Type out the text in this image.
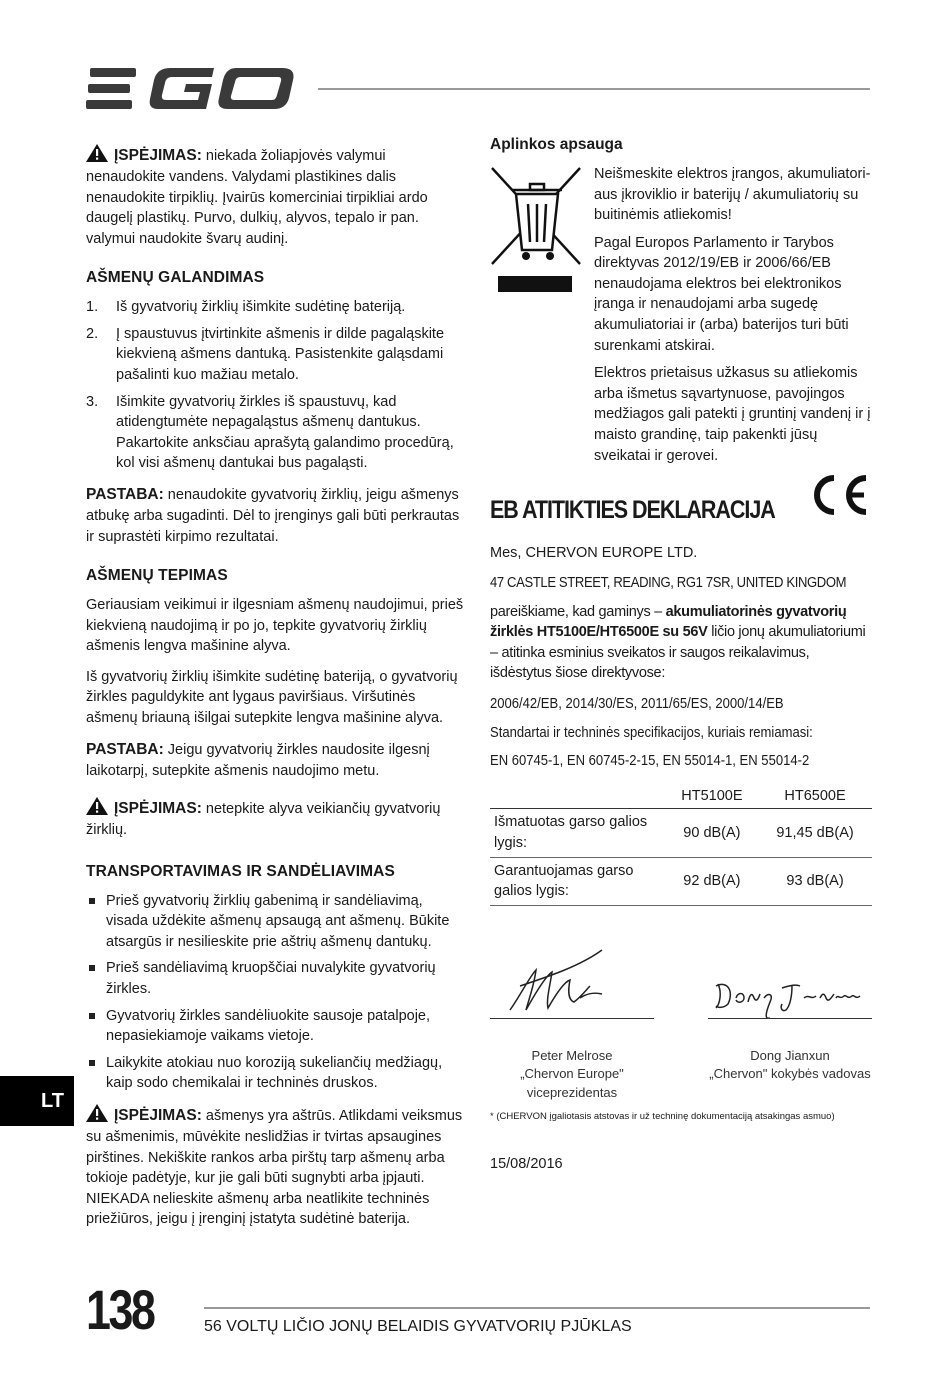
EGO

ĮSPĖJIMAS: niekada žoliapjovės valymui nenaudokite vandens. Valydami plastikines dalis nenaudokite tirpiklių. Įvairūs komerciniai tirpikliai ardo daugelį plastikų. Purvo, dulkių, alyvos, tepalo ir pan. valymui naudokite švarų audinį.

AŠMENŲ GALANDIMAS
1.	Iš gyvatvorių žirklių išimkite sudėtinę bateriją.
2.	Į spaustuvus įtvirtinkite ašmenis ir dilde pagaląskite kiekvieną ašmens dantuką. Pasistenkite galąsdami pašalinti kuo mažiau metalo.
3.	Išimkite gyvatvorių žirkles iš spaustuvų, kad atidengtumėte nepagaląstus ašmenų dantukus. Pakartokite anksčiau aprašytą galandimo procedūrą, kol visi ašmenų dantukai bus pagaląsti.

PASTABA: nenaudokite gyvatvorių žirklių, jeigu ašmenys atbukę arba sugadinti. Dėl to įrenginys gali būti perkrautas ir suprastėti kirpimo rezultatai.

AŠMENŲ TEPIMAS

Geriausiam veikimui ir ilgesniam ašmenų naudojimui, prieš kiekvieną naudojimą ir po jo, tepkite gyvatvorių žirklių ašmenis lengva mašinine alyva.

Iš gyvatvorių žirklių išimkite sudėtinę bateriją, o gyvatvorių žirkles paguldykite ant lygaus paviršiaus. Viršutinės ašmenų briauną išilgai sutepkite lengva mašinine alyva.

PASTABA: Jeigu gyvatvorių žirkles naudosite ilgesnį laikotarpį, sutepkite ašmenis naudojimo metu.

ĮSPĖJIMAS: netepkite alyva veikiančių gyvatvorių žirklių.

TRANSPORTAVIMAS IR SANDĖLIAVIMAS
Prieš gyvatvorių žirklių gabenimą ir sandėliavimą, visada uždėkite ašmenų apsaugą ant ašmenų. Būkite atsargūs ir nesilieskite prie aštrių ašmenų dantukų.
Prieš sandėliavimą kruopščiai nuvalykite gyvatvorių žirkles.
Gyvatvorių žirkles sandėliuokite sausoje patalpoje, nepasiekiamoje vaikams vietoje.
Laikykite atokiau nuo koroziją sukeliančių medžiagų, kaip sodo chemikalai ir techninės druskos.

ĮSPĖJIMAS: ašmenys yra aštrūs. Atlikdami veiksmus su ašmenimis, mūvėkite neslidžias ir tvirtas apsaugines pirštines. Nekiškite rankos arba pirštų tarp ašmenų arba tokioje padėtyje, kur jie gali būti sugnybti arba įpjauti. NIEKADA nelieskite ašmenų arba neatlikite techninės priežiūros, jeigu į įrenginį įstatyta sudėtinė baterija.

Aplinkos apsauga

Neišmeskite elektros įrangos, akumuliatori-aus įkroviklio ir baterijų / akumuliatorių su buitinėmis atliekomis!

Pagal Europos Parlamento ir Tarybos direktyvas 2012/19/EB ir 2006/66/EB nenaudojama elektros bei elektronikos įranga ir nenaudojami arba sugedę akumuliatoriai ir (arba) baterijos turi būti surenkami atskirai.

Elektros prietaisus užkasus su atliekomis arba išmetus sąvartynuose, pavojingos medžiagos gali patekti į gruntinį vandenį ir į maisto grandinę, taip pakenkti jūsų sveikatai ir gerovei.

EB ATITIKTIES DEKLARACIJA
CE

Mes, CHERVON EUROPE LTD.

47 CASTLE STREET, READING, RG1 7SR, UNITED KINGDOM

pareiškiame, kad gaminys – akumuliatorinės gyvatvorių žirklės HT5100E/HT6500E su 56V ličio jonų akumuliatoriumi – atitinka esminius sveikatos ir saugos reikalavimus, išdėstytus šiose direktyvose:

2006/42/EB, 2014/30/ES, 2011/65/ES, 2000/14/EB
Standartai ir techninės specifikacijos, kuriais remiamasi:
EN 60745-1, EN 60745-2-15, EN 55014-1, EN 55014-2
	HT5100E	HT6500E
Išmatuotas garso galios lygis:	90 dB(A)	91,45 dB(A)
Garantuojamas garso galios lygis:	92 dB(A)	93 dB(A)
Peter Melrose
„Chervon Europe" viceprezidentas
Dong Jianxun
„Chervon" kokybės vadovas
* (CHERVON įgaliotasis atstovas ir už techninę dokumentaciją atsakingas asmuo)
15/08/2016
LT
138	56 VOLTŲ LIČIO JONŲ BELAIDIS GYVATVORIŲ PJŪKLAS
